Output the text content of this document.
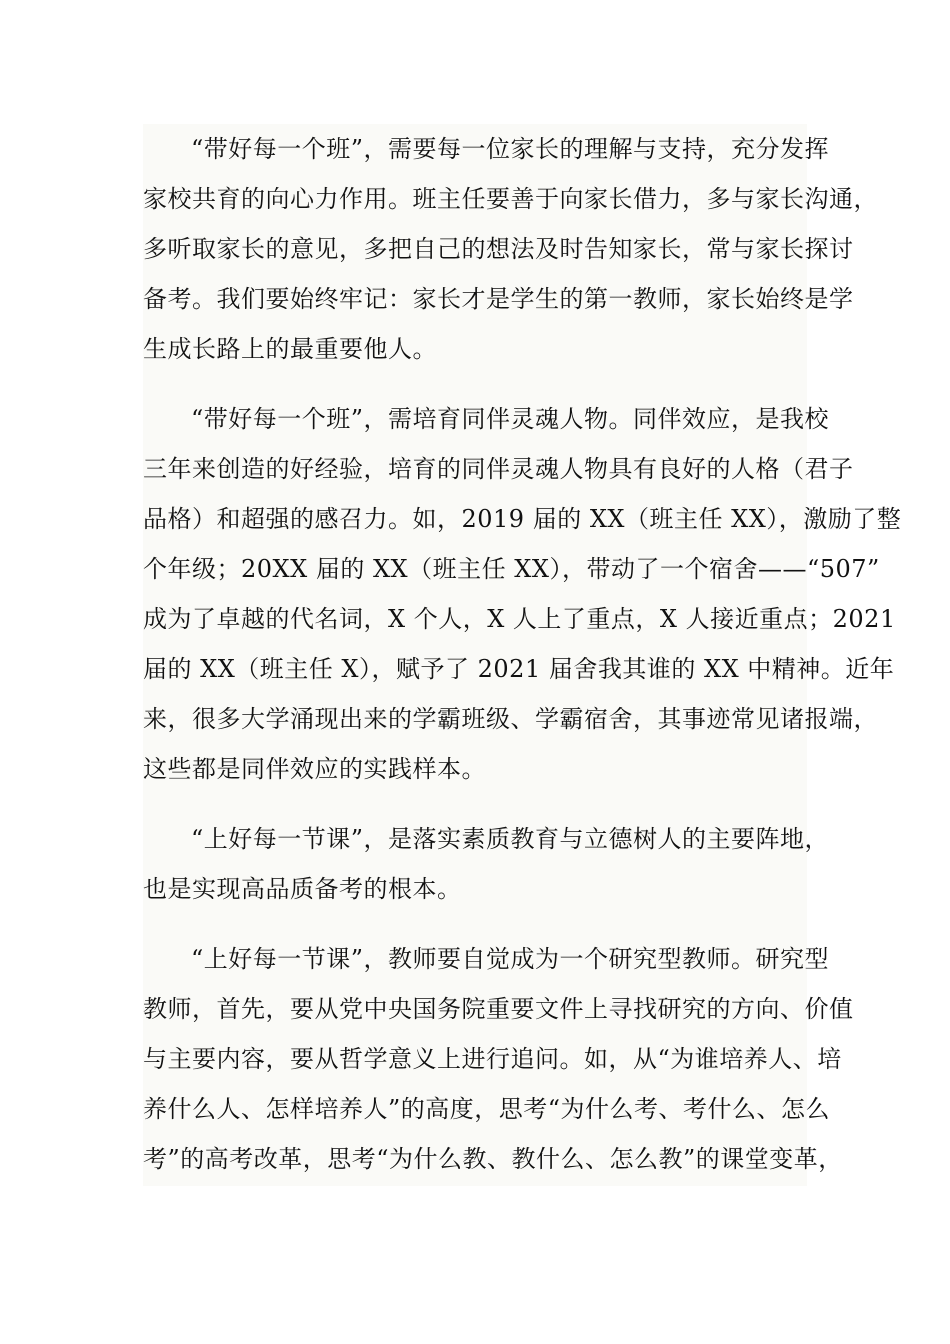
“带好每一个班”，需要每一位家长的理解与支持，充分发挥
家校共育的向心力作用。班主任要善于向家长借力，多与家长沟通，
多听取家长的意见，多把自己的想法及时告知家长，常与家长探讨
备考。我们要始终牢记：家长才是学生的第一教师，家长始终是学
生成长路上的最重要他人。
“带好每一个班”，需培育同伴灵魂人物。同伴效应，是我校
三年来创造的好经验，培育的同伴灵魂人物具有良好的人格（君子
品格）和超强的感召力。如，2019 届的 XX（班主任 XX），激励了整
个年级；20XX 届的 XX（班主任 XX），带动了一个宿舍——“507”
成为了卓越的代名词，X 个人，X 人上了重点，X 人接近重点；2021
届的 XX（班主任 X），赋予了 2021 届舍我其谁的 XX 中精神。近年
来，很多大学涌现出来的学霸班级、学霸宿舍，其事迹常见诸报端，
这些都是同伴效应的实践样本。
“上好每一节课”，是落实素质教育与立德树人的主要阵地，
也是实现高品质备考的根本。
“上好每一节课”，教师要自觉成为一个研究型教师。研究型
教师，首先，要从党中央国务院重要文件上寻找研究的方向、价值
与主要内容，要从哲学意义上进行追问。如，从“为谁培养人、培
养什么人、怎样培养人”的高度，思考“为什么考、考什么、怎么
考”的高考改革，思考“为什么教、教什么、怎么教”的课堂变革，
